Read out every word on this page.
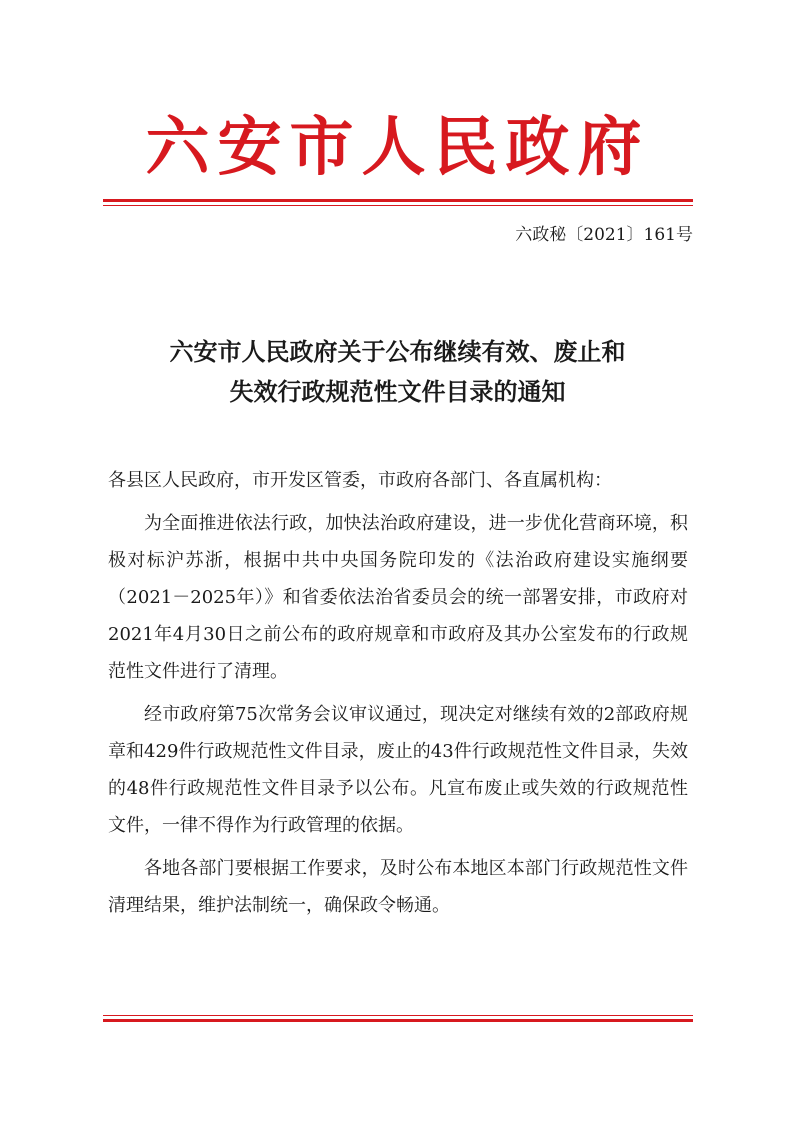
六安市人民政府
六政秘〔2021〕161号
六安市人民政府关于公布继续有效、废止和
失效行政规范性文件目录的通知

各县区人民政府，市开发区管委，市政府各部门、各直属机构：

为全面推进依法行政，加快法治政府建设，进一步优化营商环境，积极对标沪苏浙，根据中共中央国务院印发的《法治政府建设实施纲要（2021－2025年）》和省委依法治省委员会的统一部署安排，市政府对2021年4月30日之前公布的政府规章和市政府及其办公室发布的行政规范性文件进行了清理。

经市政府第75次常务会议审议通过，现决定对继续有效的2部政府规章和429件行政规范性文件目录，废止的43件行政规范性文件目录，失效的48件行政规范性文件目录予以公布。凡宣布废止或失效的行政规范性文件，一律不得作为行政管理的依据。

各地各部门要根据工作要求，及时公布本地区本部门行政规范性文件清理结果，维护法制统一，确保政令畅通。
